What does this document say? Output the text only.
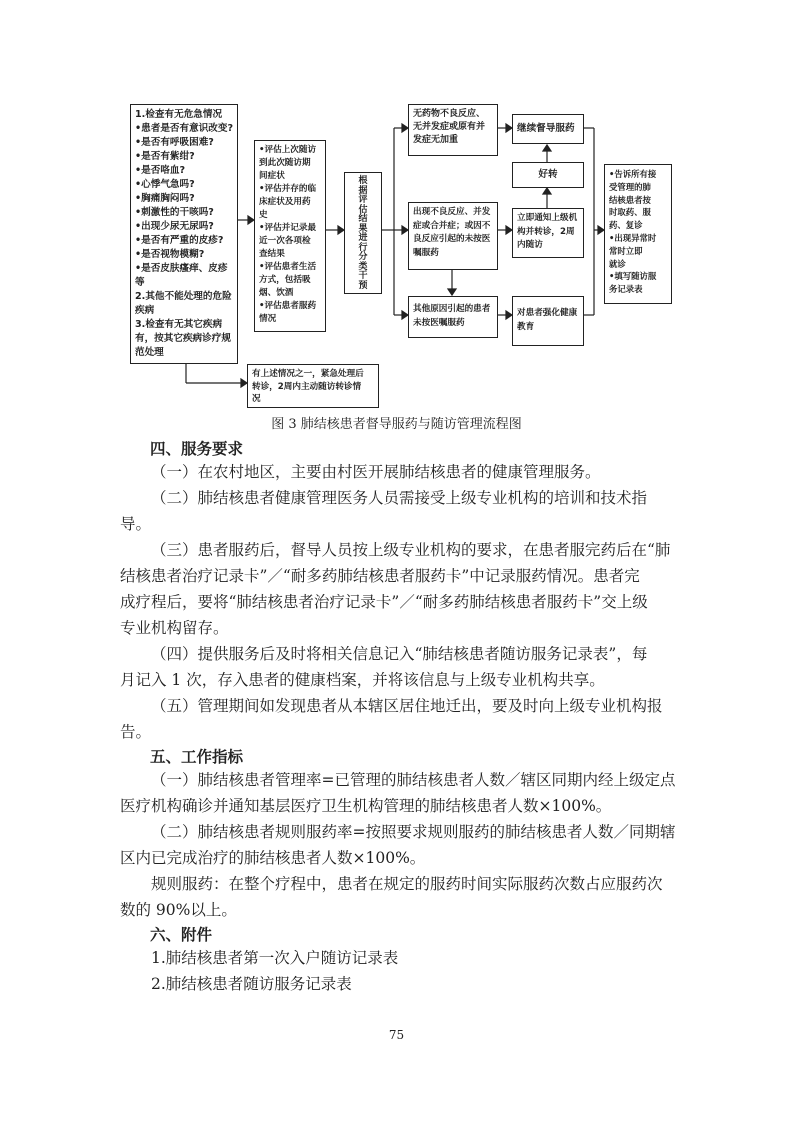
1.检查有无危急情况
•患者是否有意识改变?
•是否有呼吸困难?
•是否有紫绀?
•是否咯血?
•心悸气急吗?
•胸痛胸闷吗?
•刺激性的干咳吗?
•出现少尿无尿吗?
•是否有严重的皮疹?
•是否视物模糊?
•是否皮肤瘙痒、皮疹
等
2.其他不能处理的危险
疾病
3.检查有无其它疾病
有，按其它疾病诊疗规
范处理
•评估上次随访
到此次随访期
间症状
•评估并存的临
床症状及用药
史
•评估并记录最
近一次各项检
查结果
•评估患者生活
方式，包括吸
烟、饮酒
•评估患者服药
情况
根
据
评
估
结
果
进
行
分
类
干
预
无药物不良反应、
无并发症或原有并
发症无加重
出现不良反应、并发
症或合并症；或因不
良反应引起的未按医
嘱服药
其他原因引起的患者
未按医嘱服药
继续督导服药
好转
立即通知上级机
构并转诊，2周
内随访
对患者强化健康
教育
•告诉所有接
受管理的肺
结核患者按
时取药、服
药、复诊
•出现异常时
常时立即
就诊
•填写随访服
务记录表
有上述情况之一，紧急处理后
转诊，2周内主动随访转诊情
况
图 3 肺结核患者督导服药与随访管理流程图
四、服务要求
（一）在农村地区，主要由村医开展肺结核患者的健康管理服务。
（二）肺结核患者健康管理医务人员需接受上级专业机构的培训和技术指
导。
（三）患者服药后，督导人员按上级专业机构的要求，在患者服完药后在“肺
结核患者治疗记录卡”／“耐多药肺结核患者服药卡”中记录服药情况。患者完
成疗程后，要将“肺结核患者治疗记录卡”／“耐多药肺结核患者服药卡”交上级
专业机构留存。
（四）提供服务后及时将相关信息记入“肺结核患者随访服务记录表”，每
月记入 1 次，存入患者的健康档案，并将该信息与上级专业机构共享。
（五）管理期间如发现患者从本辖区居住地迁出，要及时向上级专业机构报
告。
五、工作指标
（一）肺结核患者管理率=已管理的肺结核患者人数／辖区同期内经上级定点
医疗机构确诊并通知基层医疗卫生机构管理的肺结核患者人数×100%。
（二）肺结核患者规则服药率=按照要求规则服药的肺结核患者人数／同期辖
区内已完成治疗的肺结核患者人数×100%。
规则服药：在整个疗程中，患者在规定的服药时间实际服药次数占应服药次
数的 90%以上。
六、附件
1.肺结核患者第一次入户随访记录表
2.肺结核患者随访服务记录表
75
